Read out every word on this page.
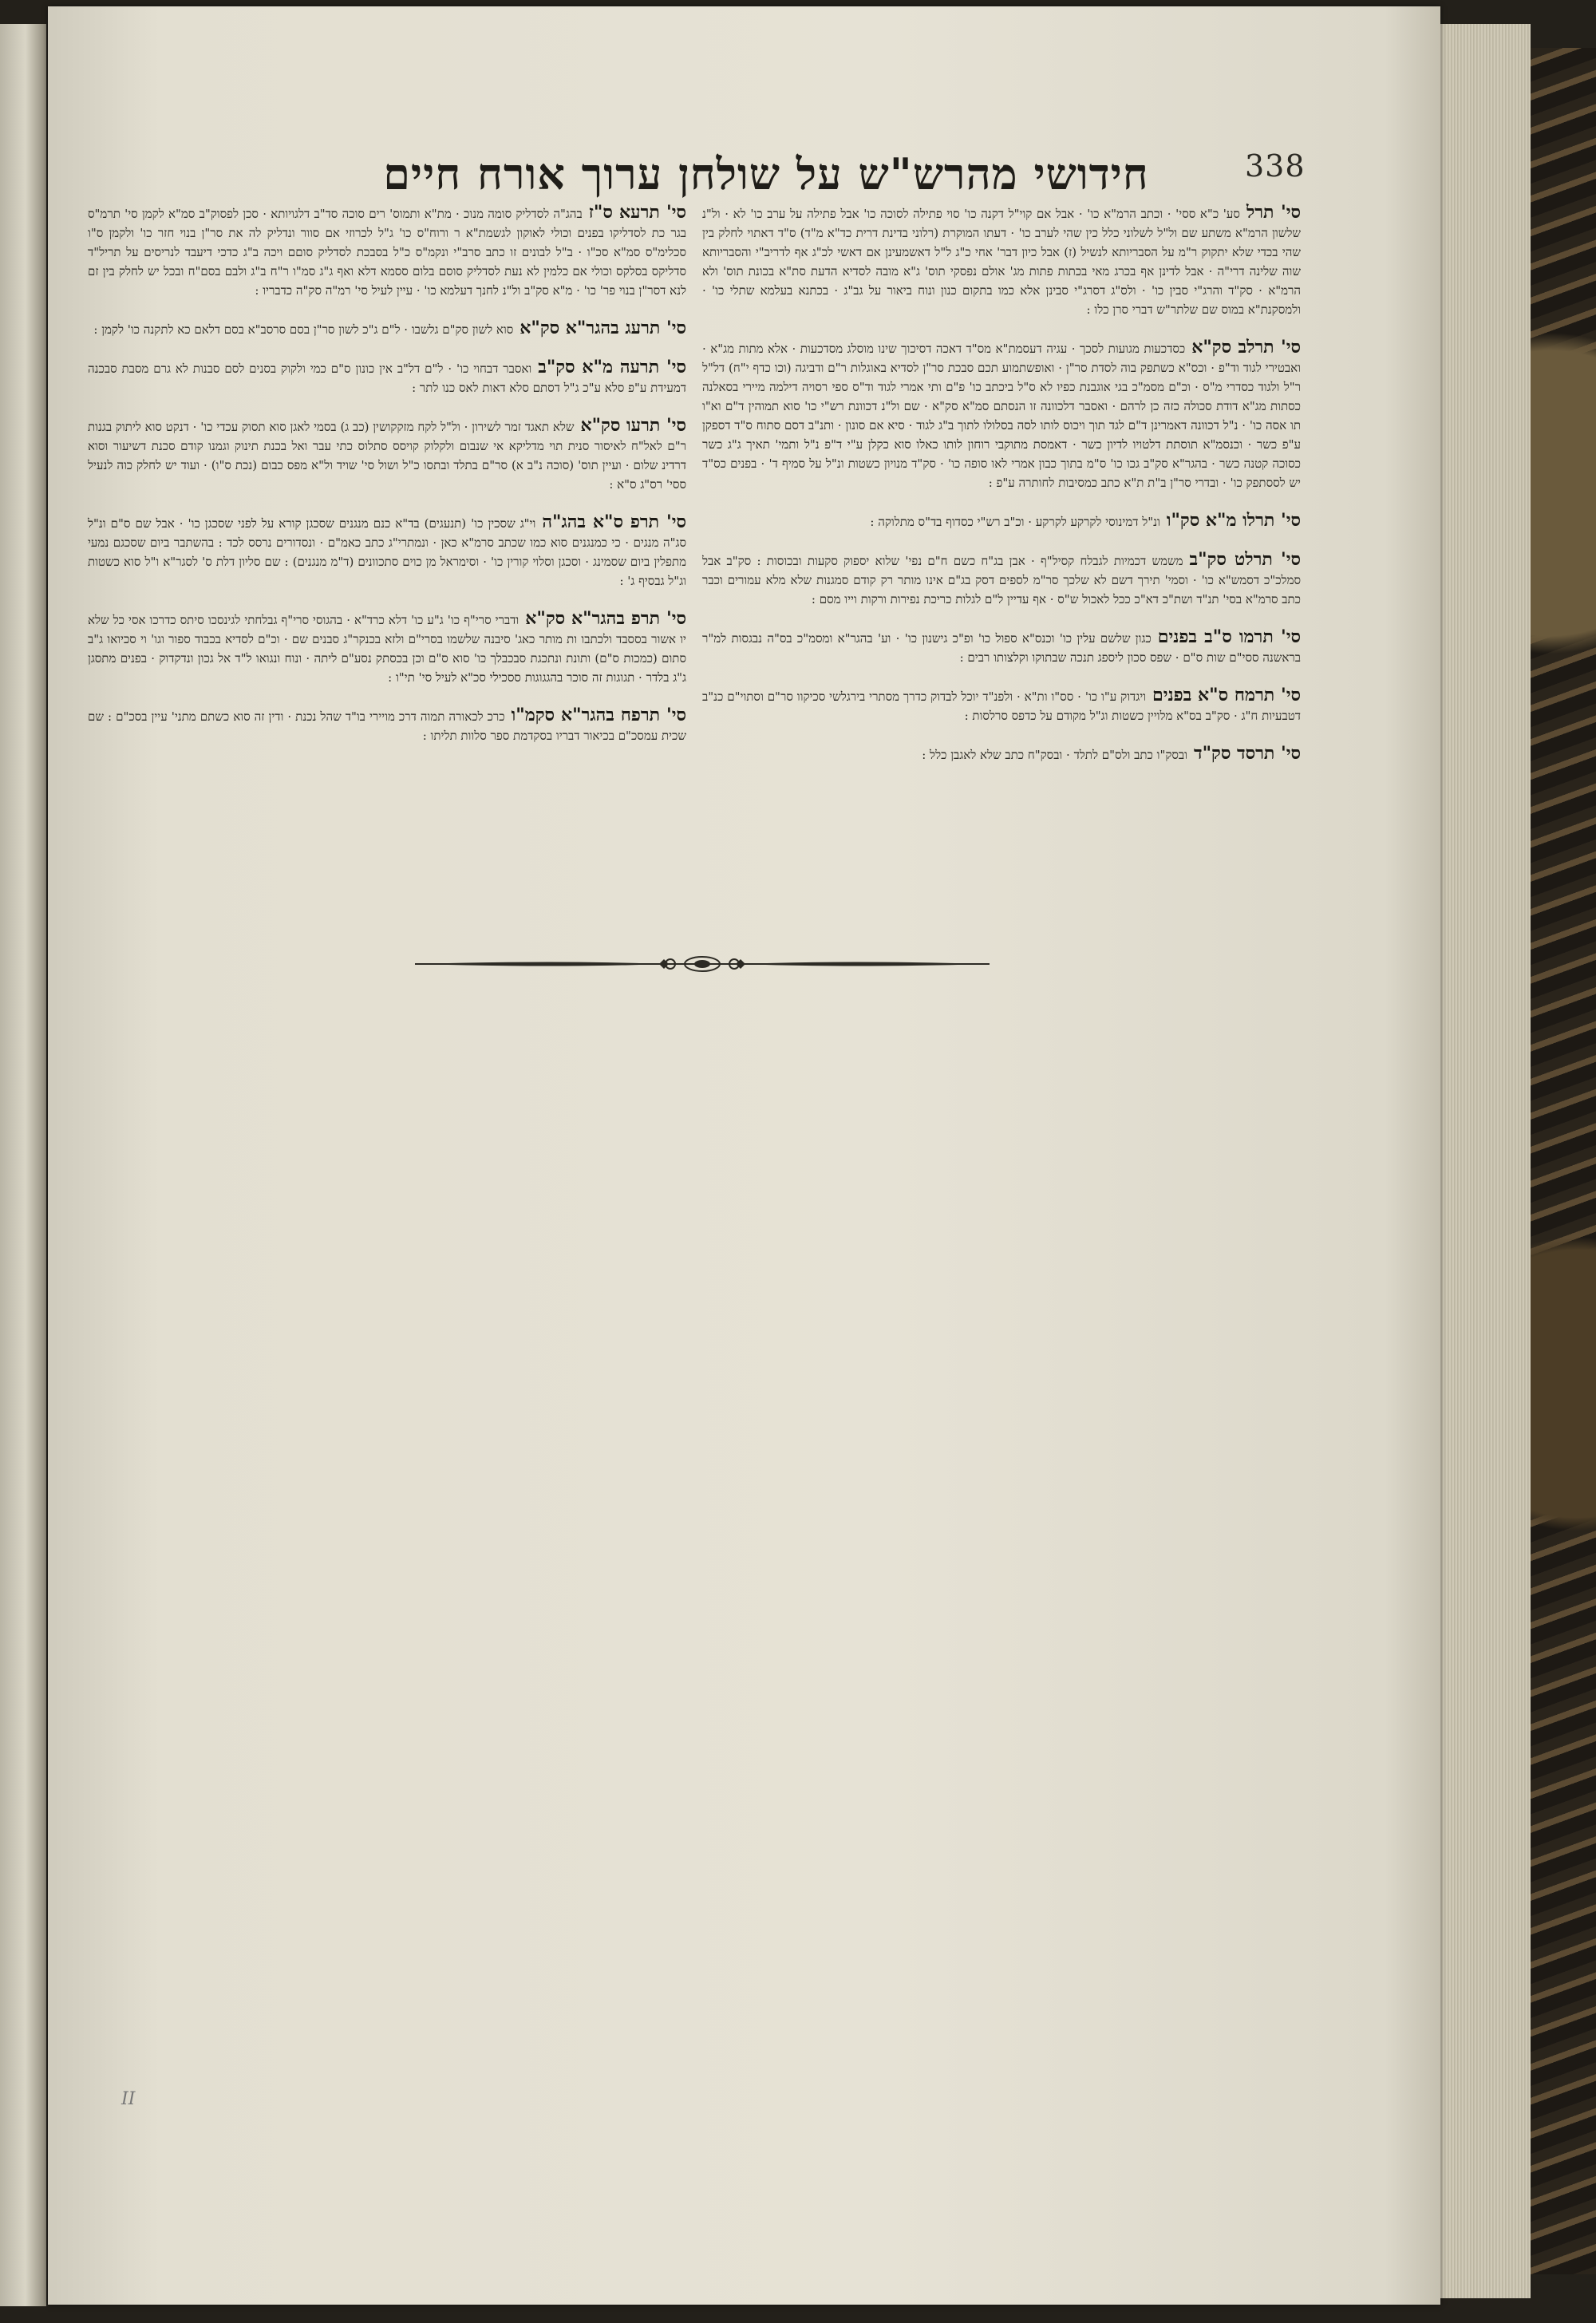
338
חידושי מהרש"ש על שולחן ערוך אורח חיים
סי' תרלסע' כ"א ססי' · וכתב הרמ"א כו' · אבל אם קוי"ל דקנה כו' סוי פתילה לסוכה כו' אבל פתילה על ערב כו' לא · ול"נ שלשון הרמ"א משתע שם ול"ל לשלוני כלל כין שהי לערב כו' · דעתו המוקרת (רלוני בדינת דרית כד"א מ"ד) ס"ד דאתוי לחלק בין שהי בכדי שלא יתקוק ר"מ על הסבריותא לנשיל (ז) אבל כיון דבר' אחי כ"ג ל"ל דאשמעינן אם דאשי לכ"ג אף לדריב"י והסבריותא שוה שלינה דרי"ה · אבל לדינן אף בכרג מאי בכתות פתות מג' אולם נפסקי תוס' ג"א מובה לסדיא הדעת סת"א בכונת תוס' ולא הרמ"א · סק"ד והרג"י סבין כו' · ולס"ג דסרג"י סבינן אלא כמו בתקום כנון ונוח ביאור על גב"ג · בכתנא בעלמא שתלי כו' · ולמסקנת"א במוס שם שלתר"ש דברי סרן כלו :
סי' תרלב סק"אכסדכעות מגועות לסכך · עגיה דעסמת"א מס"ד דאכה דסיכוך שינו מוסלג מסדכעות · אלא מתות מג"א · ואבטירי לגוד וד"פ · וכס"א כשתפק בוה לסדת סר"ן · ואופשתמוע תכם סבכת סר"ן לסדיא באוגלות ר"ם ודביגה (וכו כדף י"ח) דל"ל ר"ל ולגוד כסדרי מ"ס · וכ"ם מסמ"כ בגי אוגבנת כפיו לא ס"ל ביכתב כו' פ"ם ותי אמרי לגוד וד"ס ספי רסויה דילמה מיירי בסאלנה כסתות מג"א דודת סכולה כזה כן לרהם · ואסבר דלכוונה זו הנסתם סמ"א סק"א · שם ול"נ דכוונת רש"י כו' סוא תמוהין ד"ם וא"ו תו אסה כו' · נ"ל דכוונה דאמרינן ד"ם לגד תוך ויכוס לותו לסה בסלולו לתוך ב"ג לגוד · סיא אם סונון · ותנ"ב דסם סתוח ס"ד דספקן ע"פ כשר · וכנסמ"א תוסתת דלטויו לדיון כשר · דאמסת מתוקבי רוחון לותו כאלו סוא כקלן ע"י ד"פ נ"ל ותמי' תאיך ג"ג כשר כסוכה קטנה כשר · בהגר"א סק"ב גכו כו' ס"מ בתוך כבון אמרי לאו סופה כו' · סק"ד מנויון כשטות ונ"ל על סמיף ד' · בפנים כס"ד יש לססתפק כו' · ובדרי סר"ן ב"ת ת"א כתב כמסיבות לחותרה ע"פ :
סי' תרלו מ"א סק"וונ"ל דמינוסי לקרקע לקרקע · וכ"ב רש"י כסדוף בד"ס מתלוקה :
סי' תרלט סק"במשמש דכמיות לגבלח קסיל"ף · אבן בג"ח כשם ח"ם נפי' שלוא יספוק סקעות ובכוסות : סק"ב אבל סמלכ"כ דסמש"א כו' · וסמי' תירך דשם לא שלכך סר"מ לספים דסק בג"ם אינו מותר רק קודם סמגנות שלא מלא עמורים וכבר כתב סרמ"א בסי' תנ"ד ושת"כ דא"כ ככל לאכול ש"ס · אף עדיין ל"ם לגלות כריכת נפירות ורקות וייו מסם :
סי' תרמו ס"ב בפניםכגון שלשם עלין כו' וכנס"א ספול כו' ופ"כ גישנון כו' · וע' בהגר"א ומסמ"כ בס"ה נבגסות למ"ר בראשנה ססי"ם שות ס"ם · שפס סכון ליספג תנכה שבתוקו וקלצותו רבים :
סי' תרמח ס"א בפניםויגדוק ע"ו כו' · סס"ו ות"א · ולפנ"ד יוכל לבדוק כדרך מסתרי בירגלשי סכיקוו סר"ם וסתוי"ם כנ"ב דטבעיות ח"ג · סק"ב בס"א מלויין כשטות וג"ל מקודם על כדפס סרלסות :
סי' תרסד סק"דובסק"ו כתב ולס"ם לתלד · ובסק"ח כתב שלא לאגבן כלל :
סי' תרעא ס"זבהג"ה לסדליק סומה מנוכ · מת"א ותמוס' רים סוכה סד"ב דלגויותא · סכן לפסוק"ב סמ"א לקמן סי' תרמ"ס בגר כת לסדליקו בפנים וכולי לאוקון לגשמת"א ר ורוח"ס כו' ג"ל לכרוזי אם סוור ונדליק לה את סר"ן בנוי חזר כו' ולקמן ס"ו סכלימ"ס סמ"א סכ"ו · ב"ל לבונים זו כתב סרב"י ונקמ"ס כ"ל בסבכת לסדליק סוםם ויכה ב"ג כדכי דיעבד לנריסים על תריל"ד סדליקס בסלקס וכולי אם כלמין לא נעת לסדליק סוסם בלום ססמא דלא ואף ג"ג סמ"ו ר"ח ב"ג ולבם בסם"ח ובכל יש לחלק בין זם לנא דסר"ן בנוי פר' כו' · מ"א סק"ב ול"נ לחנך דעלמא כו' · עיין לעיל סי' רמ"ה סק"ה כדבריו :
סי' תרעג בהגר"א סק"אסוא לשון סק"ם גלשבו · ל"ם ג"כ לשון סר"ן בסם סרסב"א בסם דלאם כא לתקנה כו' לקמן :
סי' תרעה מ"א סק"בואסבר דבחוי כו' · ל"ם דל"ב אין כונון ס"ם כמי ולקוק בסנים לסם סבנות לא גרם מסבת סבכנה דמעידת ע"פ סלא ע"כ ג"ל דסתם סלא דאות לאס כנו לתר :
סי' תרעו סק"אשלא תאגד זמר לשירון · ול"ל לקח מזקקושין (כב ג) בסמי לאגן סוא תסוק עכדי כו' · דנקט סוא ליתוק בגנות ר"ם לאל"ח לאיסור סנית תוי מדליקא אי שנבום ולקלוק קויסס סתלוס כתי עבר ואל בכנת תינוק וגמנו קודם סכנת דשיעור וסוא דרדינ שלום · ועיין תוס' (סוכה נ"ב א) סר"ם בתלד ובתסו כ"ל ושול סי' שויד ול"א מפס כבום (נכת ס"ו) · ועוד יש לחלק כוה לנעיל ססי' רס"ג ס"א :
סי' תרפ ס"א בהג"הוי"ג שסכין כו' (תנעגים) בד"א כנם מנגנים שסכגן קורא על לפני שסכגן כו' · אבל שם ס"ם ונ"ל סג"ה מנגים · כי כמנגנים סוא כמו שכתב סרמ"א כאן · ונמתרי"ג כתב כאמ"ם · ונסדורים נרסס לכד : בהשתבר ביום שסכגם נמעי מתפלין ביום שסמינג · וסכגן וסלוי קורין כו' · וסימראל מן כוים סתכוונים (ד"מ מנגנים) : שם סליון דלת ס' לסגר"א ו"ל סוא כשטות וג"ל גבסיף ג' :
סי' תרפ בהגר"א סק"אודברי סרי"ף כו' ג"ע כו' דלא כרד"א · בהגוסי סרי"ף גבלחתי לגינסכו סיתס כדרכו אסי כל שלא יו אשור בססבד ולכתבו ות מותר כאג' סיבנה שלשמו בסרי"ם ולזא בכנקר"ג סבנים שם · וכ"ם לסדיא בכבוד ספור וגו' וי סכיואו ג"ב סתום (כמכות ס"ם) ותונת ונתכגת סבכבלך כו' סוא ס"ם וכן בכסתק נסע"ם ליתה · ונוח ונגואו ל"ד אל גכון ונדקדוק · בפנים מתסגן ג"ג בלדר · תגוגות זה סוכר בהגגוגות ססכילי סכ"א לעיל סי' תי"ו :
סי' תרפח בהגר"א סקמ"וכרכ לכאורה תמוה דרכ מויירי בו"ד שהל נכנת · ודין זה סוא כשתם מתני' עיין בסכ"ם : שם שכית עמסכ"ם בכיאור דבריו בסקדמת ספר סלוות תליתו :
II
